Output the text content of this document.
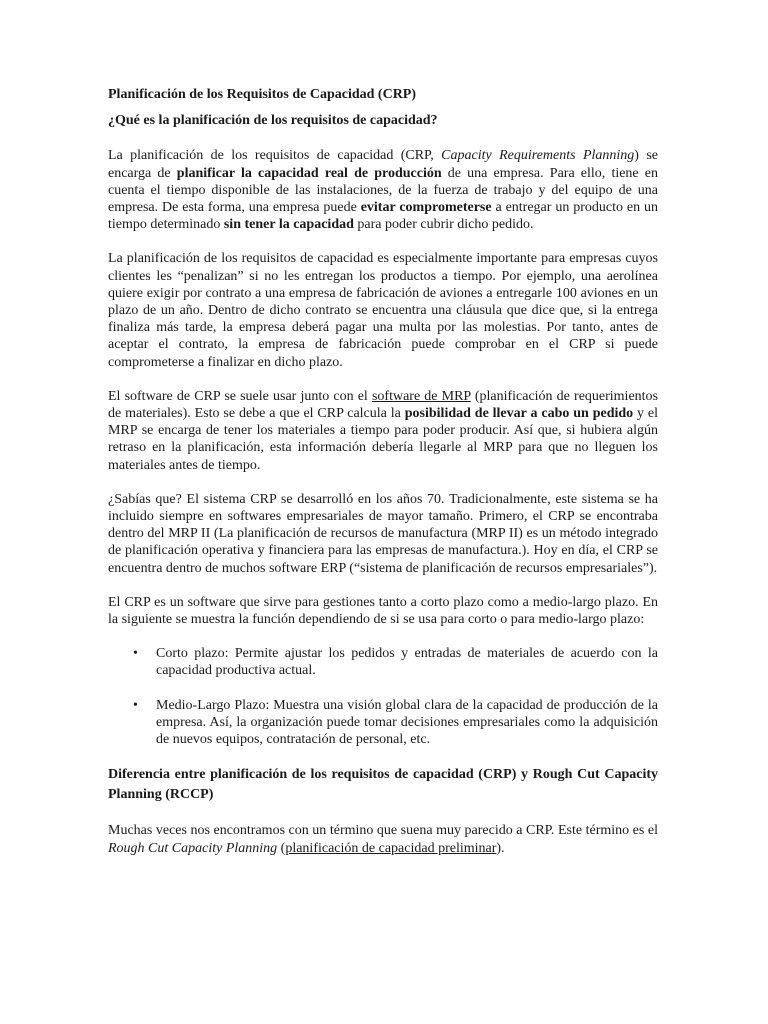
Planificación de los Requisitos de Capacidad (CRP)
¿Qué es la planificación de los requisitos de capacidad?

La planificación de los requisitos de capacidad (CRP, Capacity Requirements Planning) se encarga de planificar la capacidad real de producción de una empresa. Para ello, tiene en cuenta el tiempo disponible de las instalaciones, de la fuerza de trabajo y del equipo de una empresa. De esta forma, una empresa puede evitar comprometerse a entregar un producto en un tiempo determinado sin tener la capacidad para poder cubrir dicho pedido.

La planificación de los requisitos de capacidad es especialmente importante para empresas cuyos clientes les “penalizan” si no les entregan los productos a tiempo. Por ejemplo, una aerolínea quiere exigir por contrato a una empresa de fabricación de aviones a entregarle 100 aviones en un plazo de un año. Dentro de dicho contrato se encuentra una cláusula que dice que, si la entrega finaliza más tarde, la empresa deberá pagar una multa por las molestias. Por tanto, antes de aceptar el contrato, la empresa de fabricación puede comprobar en el CRP si puede comprometerse a finalizar en dicho plazo.

El software de CRP se suele usar junto con el software de MRP (planificación de requerimientos de materiales). Esto se debe a que el CRP calcula la posibilidad de llevar a cabo un pedido y el MRP se encarga de tener los materiales a tiempo para poder producir. Así que, si hubiera algún retraso en la planificación, esta información debería llegarle al MRP para que no lleguen los materiales antes de tiempo.

¿Sabías que? El sistema CRP se desarrolló en los años 70. Tradicionalmente, este sistema se ha incluido siempre en softwares empresariales de mayor tamaño. Primero, el CRP se encontraba dentro del MRP II (La planificación de recursos de manufactura (MRP II) es un método integrado de planificación operativa y financiera para las empresas de manufactura.). Hoy en día, el CRP se encuentra dentro de muchos software ERP (“sistema de planificación de recursos empresariales”).

El CRP es un software que sirve para gestiones tanto a corto plazo como a medio-largo plazo. En la siguiente se muestra la función dependiendo de si se usa para corto o para medio-largo plazo:

• Corto plazo: Permite ajustar los pedidos y entradas de materiales de acuerdo con la capacidad productiva actual.
• Medio-Largo Plazo: Muestra una visión global clara de la capacidad de producción de la empresa. Así, la organización puede tomar decisiones empresariales como la adquisición de nuevos equipos, contratación de personal, etc.
Diferencia entre planificación de los requisitos de capacidad (CRP) y Rough Cut Capacity Planning (RCCP)

Muchas veces nos encontramos con un término que suena muy parecido a CRP. Este término es el Rough Cut Capacity Planning (planificación de capacidad preliminar).
